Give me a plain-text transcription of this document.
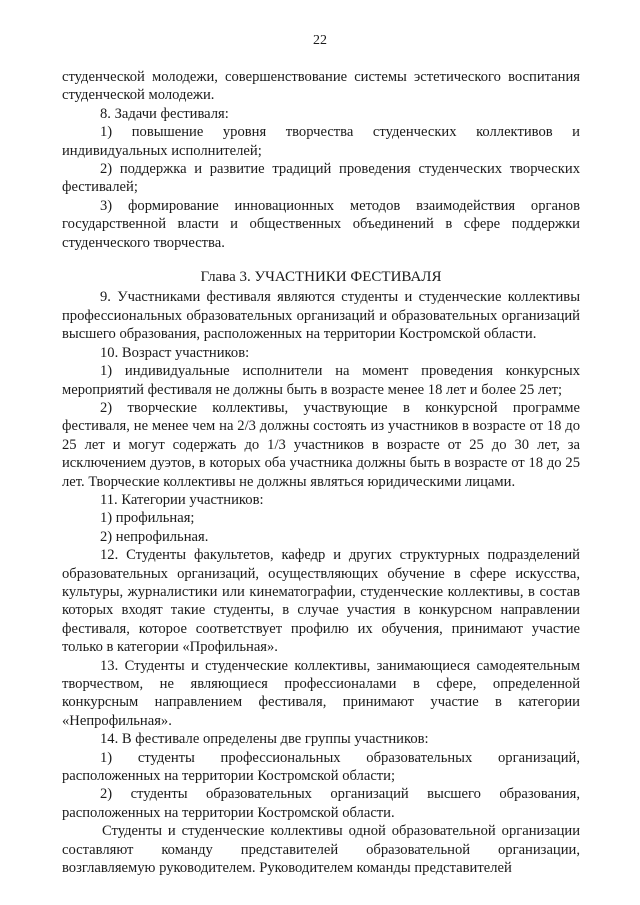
22

студенческой молодежи, совершенствование системы эстетического воспитания студенческой молодежи.

8. Задачи фестиваля:

1) повышение уровня творчества студенческих коллективов и индивидуальных исполнителей;

2) поддержка и развитие традиций проведения студенческих творческих фестивалей;

3) формирование инновационных методов взаимодействия органов государственной власти и общественных объединений в сфере поддержки студенческого творчества.

Глава 3. УЧАСТНИКИ ФЕСТИВАЛЯ

9. Участниками фестиваля являются студенты и студенческие коллективы профессиональных образовательных организаций и образовательных организаций высшего образования, расположенных на территории Костромской области.

10. Возраст участников:

1) индивидуальные исполнители на момент проведения конкурсных мероприятий фестиваля не должны быть в возрасте менее 18 лет и более 25 лет;

2) творческие коллективы, участвующие в конкурсной программе фестиваля, не менее чем на 2/3 должны состоять из участников в возрасте от 18 до 25 лет и могут содержать до 1/3 участников в возрасте от 25 до 30 лет, за исключением дуэтов, в которых оба участника должны быть в возрасте от 18 до 25 лет. Творческие коллективы не должны являться юридическими лицами.

11. Категории участников:

1) профильная;

2) непрофильная.

12. Студенты факультетов, кафедр и других структурных подразделений образовательных организаций, осуществляющих обучение в сфере искусства, культуры, журналистики или кинематографии, студенческие коллективы, в состав которых входят такие студенты, в случае участия в конкурсном направлении фестиваля, которое соответствует профилю их обучения, принимают участие только в категории «Профильная».

13. Студенты и студенческие коллективы, занимающиеся самодеятельным творчеством, не являющиеся профессионалами в сфере, определенной конкурсным направлением фестиваля, принимают участие в категории «Непрофильная».

14. В фестивале определены две группы участников:

1) студенты профессиональных образовательных организаций, расположенных на территории Костромской области;

2) студенты образовательных организаций высшего образования, расположенных на территории Костромской области.

Студенты и студенческие коллективы одной образовательной организации составляют команду представителей образовательной организации, возглавляемую руководителем. Руководителем команды представителей
